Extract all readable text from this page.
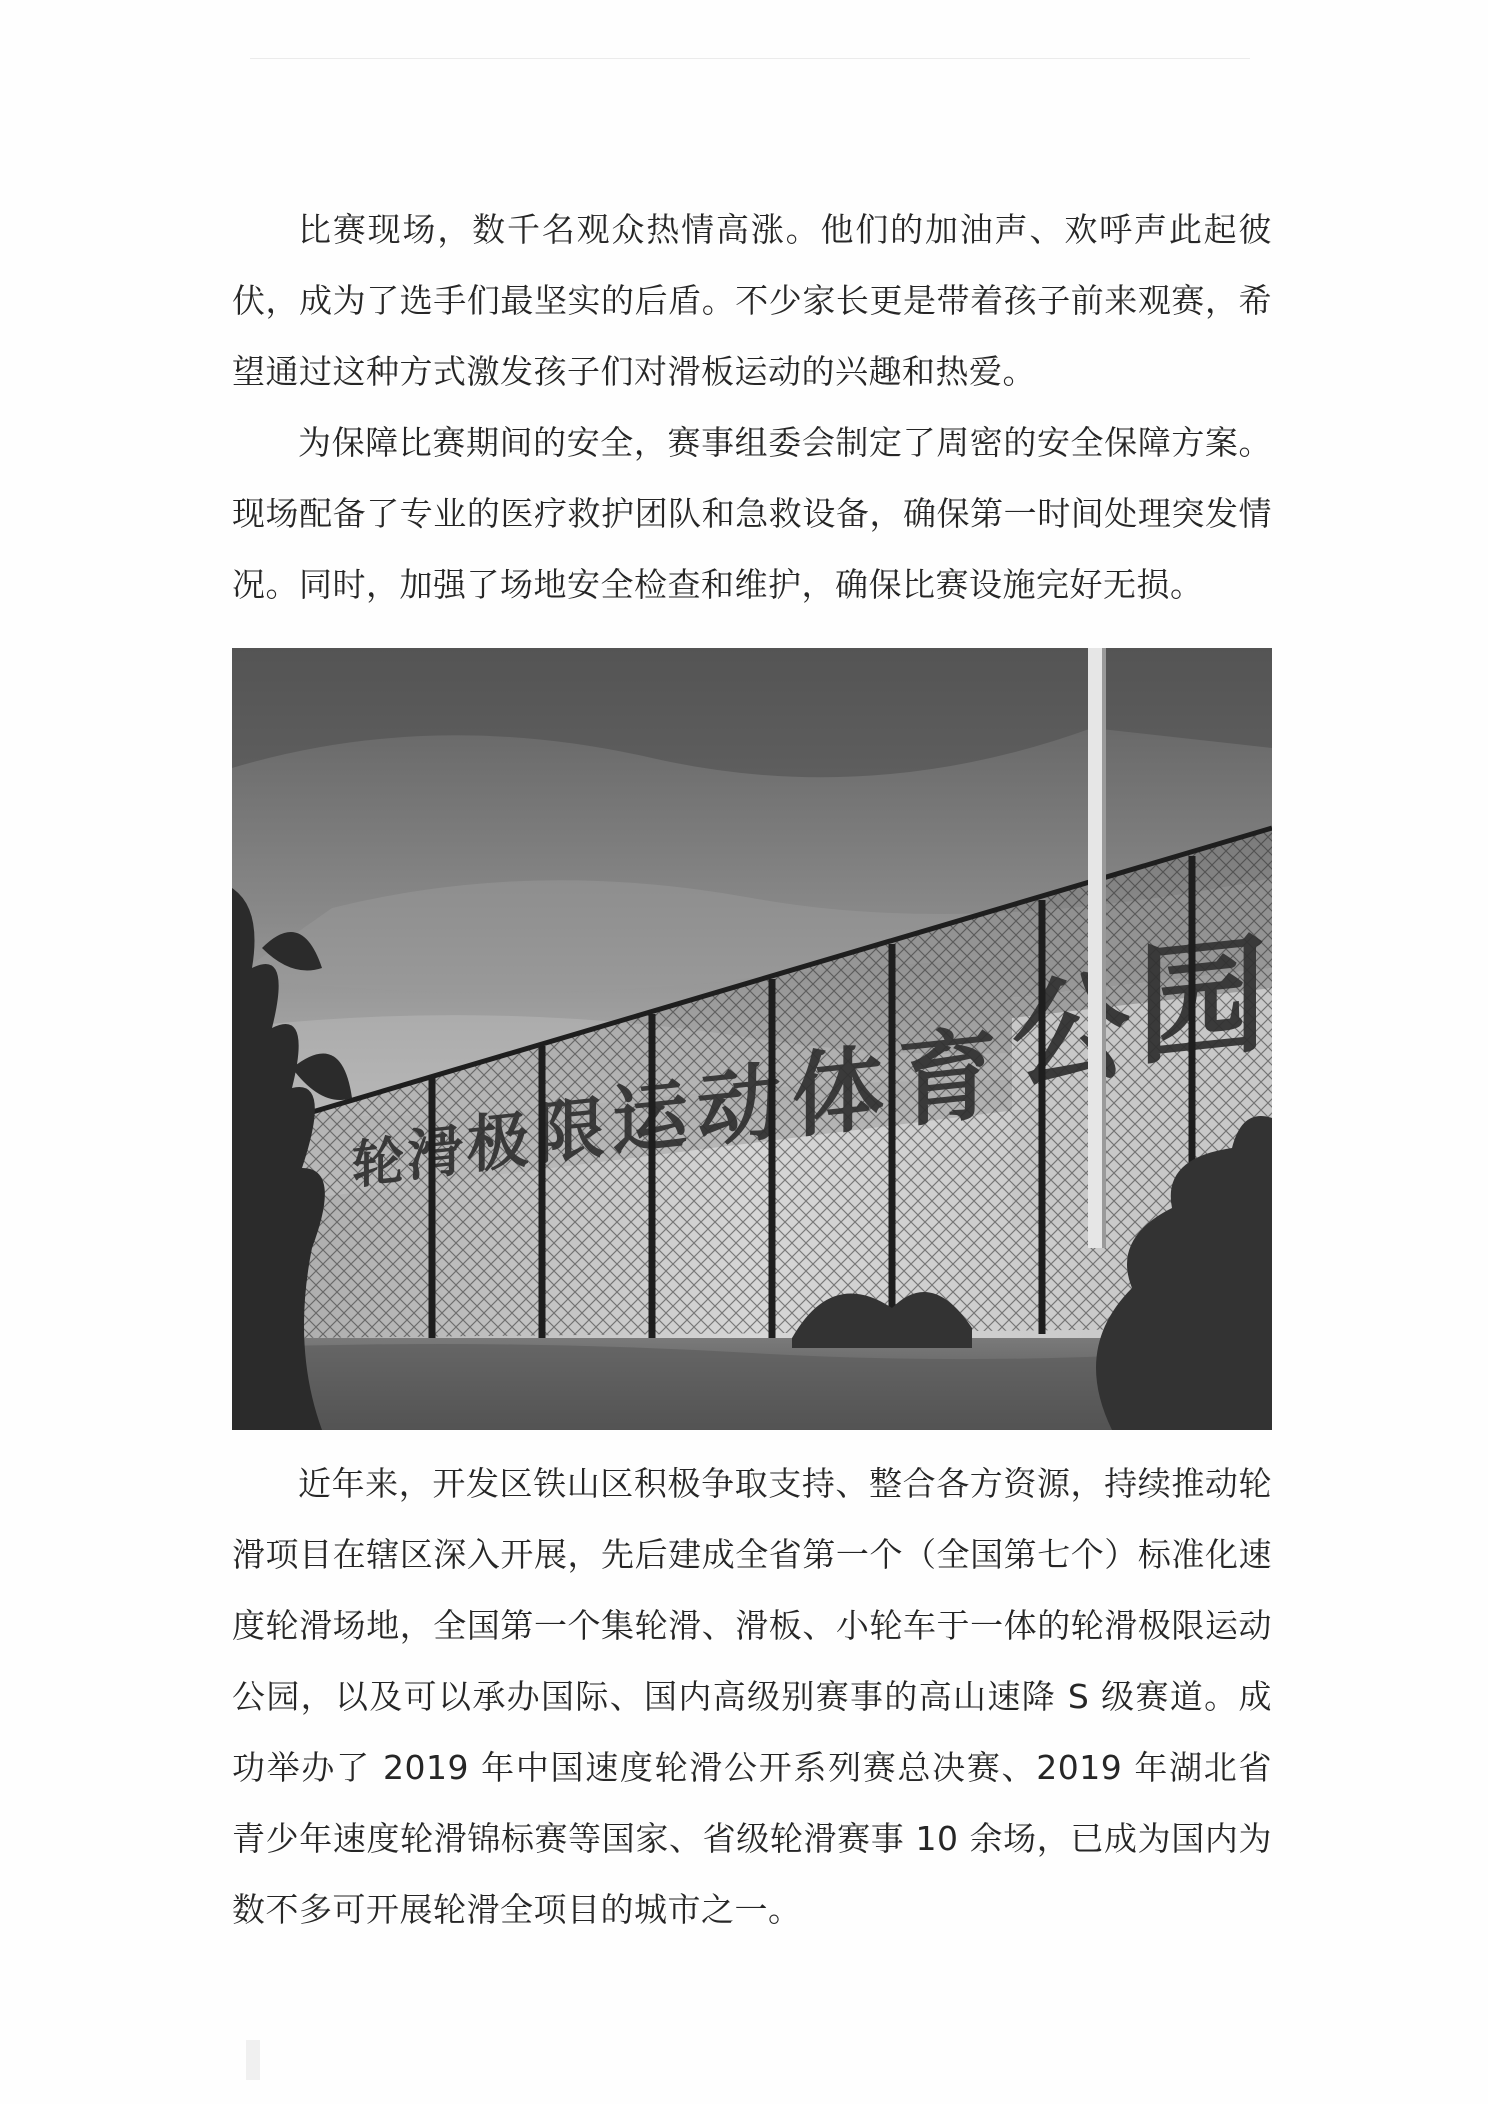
比赛现场，数千名观众热情高涨。他们的加油声、欢呼声此起彼伏，成为了选手们最坚实的后盾。不少家长更是带着孩子前来观赛，希望通过这种方式激发孩子们对滑板运动的兴趣和热爱。

为保障比赛期间的安全，赛事组委会制定了周密的安全保障方案。现场配备了专业的医疗救护团队和急救设备，确保第一时间处理突发情况。同时，加强了场地安全检查和维护，确保比赛设施完好无损。

近年来，开发区铁山区积极争取支持、整合各方资源，持续推动轮滑项目在辖区深入开展，先后建成全省第一个（全国第七个）标准化速度轮滑场地，全国第一个集轮滑、滑板、小轮车于一体的轮滑极限运动公园，以及可以承办国际、国内高级别赛事的高山速降 S 级赛道。成功举办了 2019 年中国速度轮滑公开系列赛总决赛、2019 年湖北省青少年速度轮滑锦标赛等国家、省级轮滑赛事 10 余场，已成为国内为数不多可开展轮滑全项目的城市之一。
